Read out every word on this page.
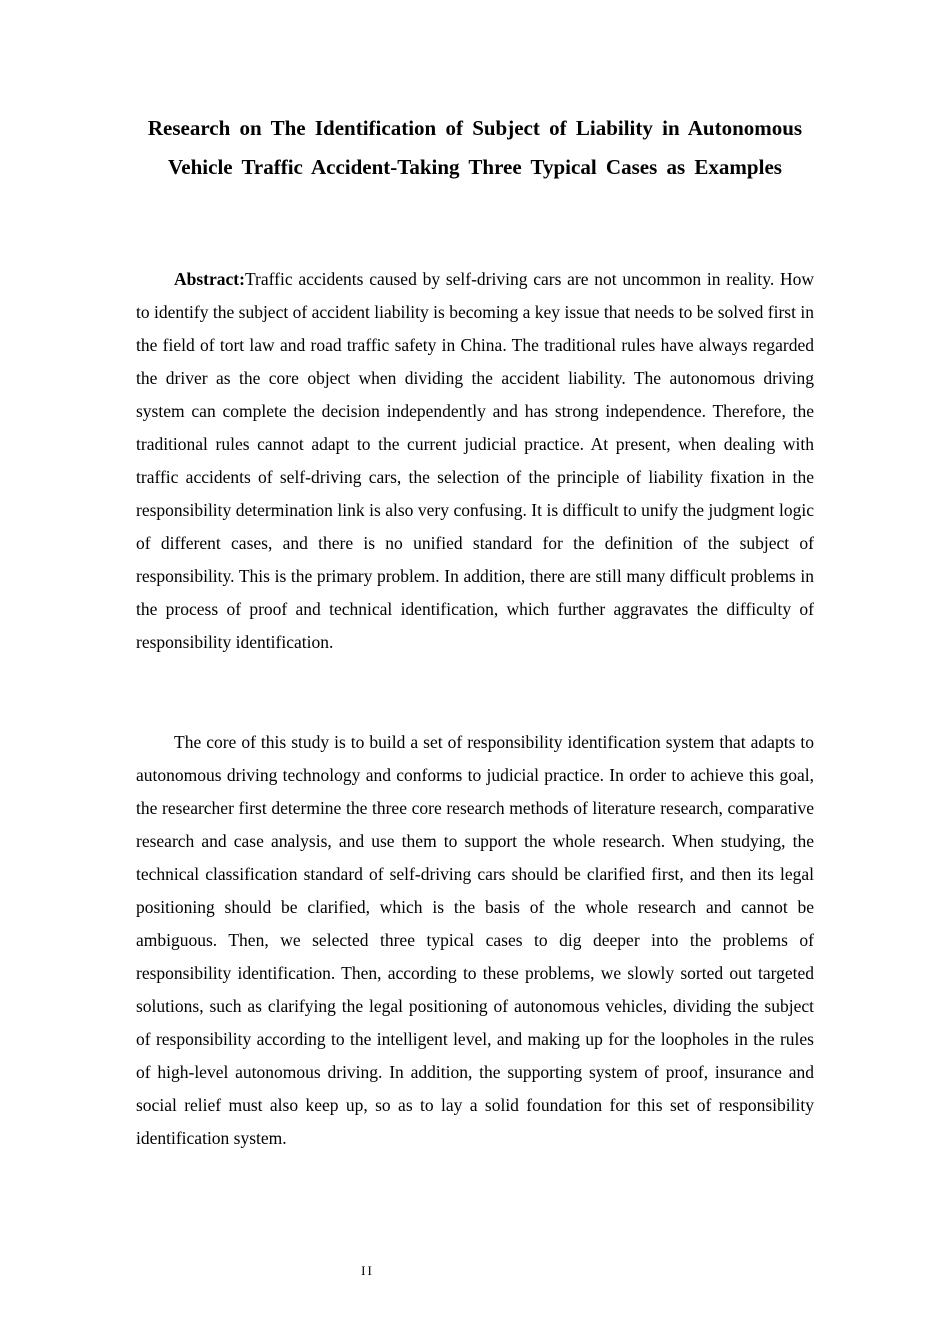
Research on The Identification of Subject of Liability in Autonomous Vehicle Traffic Accident-Taking Three Typical Cases as Examples

Abstract:Traffic accidents caused by self-driving cars are not uncommon in reality. How to identify the subject of accident liability is becoming a key issue that needs to be solved first in the field of tort law and road traffic safety in China. The traditional rules have always regarded the driver as the core object when dividing the accident liability. The autonomous driving system can complete the decision independently and has strong independence. Therefore, the traditional rules cannot adapt to the current judicial practice. At present, when dealing with traffic accidents of self-driving cars, the selection of the principle of liability fixation in the responsibility determination link is also very confusing. It is difficult to unify the judgment logic of different cases, and there is no unified standard for the definition of the subject of responsibility. This is the primary problem. In addition, there are still many difficult problems in the process of proof and technical identification, which further aggravates the difficulty of responsibility identification.

The core of this study is to build a set of responsibility identification system that adapts to autonomous driving technology and conforms to judicial practice. In order to achieve this goal, the researcher first determine the three core research methods of literature research, comparative research and case analysis, and use them to support the whole research. When studying, the technical classification standard of self-driving cars should be clarified first, and then its legal positioning should be clarified, which is the basis of the whole research and cannot be ambiguous. Then, we selected three typical cases to dig deeper into the problems of responsibility identification. Then, according to these problems, we slowly sorted out targeted solutions, such as clarifying the legal positioning of autonomous vehicles, dividing the subject of responsibility according to the intelligent level, and making up for the loopholes in the rules of high-level autonomous driving. In addition, the supporting system of proof, insurance and social relief must also keep up, so as to lay a solid foundation for this set of responsibility identification system.

II
